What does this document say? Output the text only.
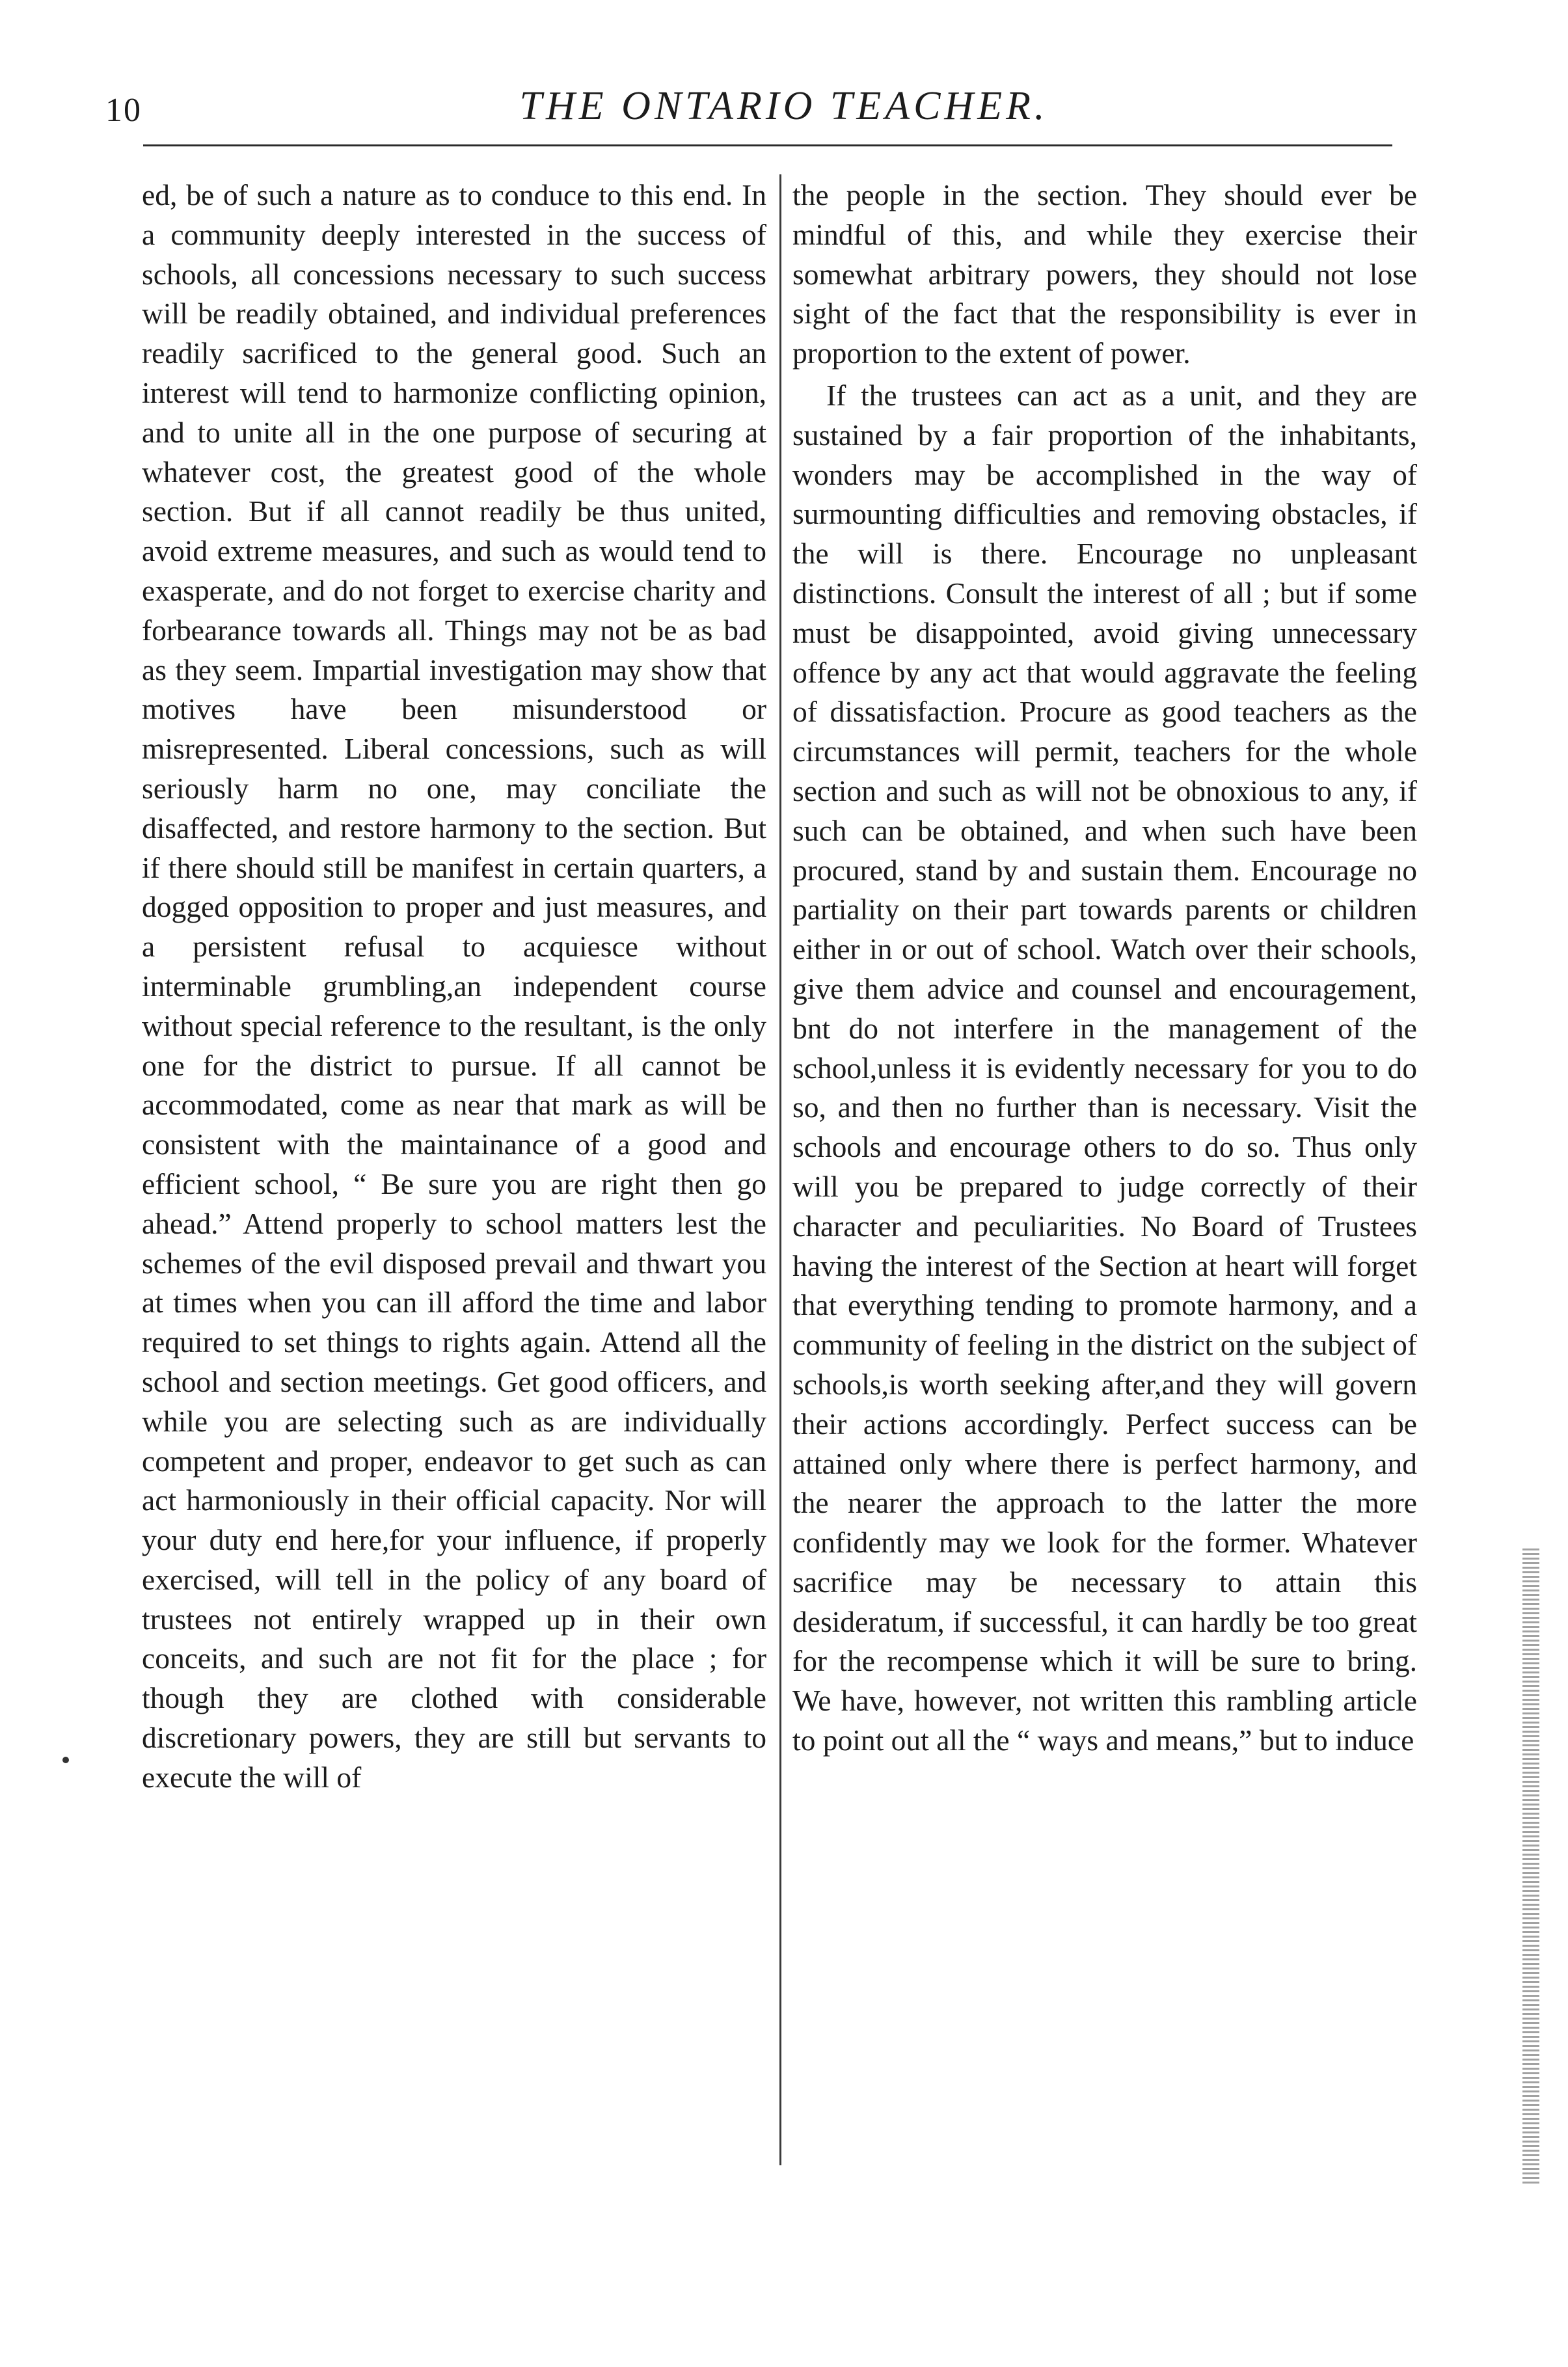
10	THE ONTARIO TEACHER.

ed, be of such a nature as to conduce to this end. In a community deeply interested in the success of schools, all concessions necessary to such success will be readily obtained, and individual preferences readily sacrificed to the general good. Such an interest will tend to harmonize conflicting opinion, and to unite all in the one purpose of securing at whatever cost, the greatest good of the whole section. But if all cannot readily be thus united, avoid extreme measures, and such as would tend to exasperate, and do not forget to exercise charity and forbearance towards all. Things may not be as bad as they seem. Impartial investigation may show that motives have been misunderstood or misrepresented. Liberal concessions, such as will seriously harm no one, may conciliate the disaffected, and restore harmony to the section. But if there should still be manifest in certain quarters, a dogged opposition to proper and just measures, and a persistent refusal to acquiesce without interminable grumbling,an independent course without special reference to the resultant, is the only one for the district to pursue. If all cannot be accommodated, come as near that mark as will be consistent with the maintainance of a good and efficient school, “ Be sure you are right then go ahead.” Attend properly to school matters lest the schemes of the evil disposed prevail and thwart you at times when you can ill afford the time and labor required to set things to rights again. Attend all the school and section meetings. Get good officers, and while you are selecting such as are individually competent and proper, endeavor to get such as can act harmoniously in their official capacity. Nor will your duty end here,for your influence, if properly exercised, will tell in the policy of any board of trustees not entirely wrapped up in their own conceits, and such are not fit for the place ; for though they are clothed with considerable discretionary powers, they are still but servants to execute the will of

the people in the section. They should ever be mindful of this, and while they exercise their somewhat arbitrary powers, they should not lose sight of the fact that the responsibility is ever in proportion to the extent of power.

If the trustees can act as a unit, and they are sustained by a fair proportion of the inhabitants, wonders may be accomplished in the way of surmounting difficulties and removing obstacles, if the will is there. Encourage no unpleasant distinctions. Consult the interest of all ; but if some must be disappointed, avoid giving unnecessary offence by any act that would aggravate the feeling of dissatisfaction. Procure as good teachers as the circumstances will permit, teachers for the whole section and such as will not be obnoxious to any, if such can be obtained, and when such have been procured, stand by and sustain them. Encourage no partiality on their part towards parents or children either in or out of school. Watch over their schools, give them advice and counsel and encouragement, bnt do not interfere in the management of the school,unless it is evidently necessary for you to do so, and then no further than is necessary. Visit the schools and encourage others to do so. Thus only will you be prepared to judge correctly of their character and peculiarities. No Board of Trustees having the interest of the Section at heart will forget that everything tending to promote harmony, and a community of feeling in the district on the subject of schools,is worth seeking after,and they will govern their actions accordingly. Perfect success can be attained only where there is perfect harmony, and the nearer the approach to the latter the more confidently may we look for the former. Whatever sacrifice may be necessary to attain this desideratum, if successful, it can hardly be too great for the recompense which it will be sure to bring. We have, however, not written this rambling article to point out all the “ ways and means,” but to induce
